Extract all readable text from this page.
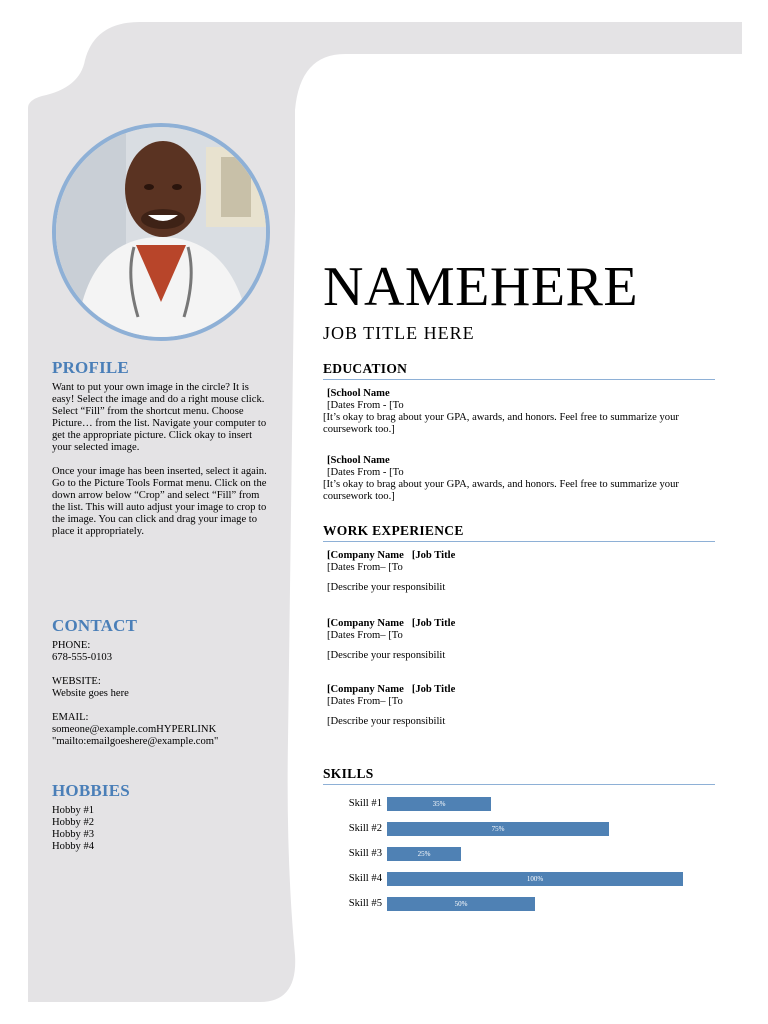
PROFILE

Want to put your own image in the circle? It is easy! Select the image and do a right mouse click. Select “Fill” from the shortcut menu. Choose Picture… from the list. Navigate your computer to get the appropriate picture. Click okay to insert your selected image.

Once your image has been inserted, select it again. Go to the Picture Tools Format menu. Click on the down arrow below “Crop” and select “Fill” from the list. This will auto adjust your image to crop to the image. You can click and drag your image to place it appropriately.

CONTACT

PHONE:

678-555-0103

WEBSITE:

Website goes here

EMAIL:

someone@example.comHYPERLINK

"mailto:emailgoeshere@example.com"

HOBBIES

Hobby #1

Hobby #2

Hobby #3

Hobby #4

NAMEHERE
JOB TITLE HERE
EDUCATION
[School Name
[Dates From - [To

[It’s okay to brag about your GPA, awards, and honors. Feel free to summarize your coursework too.]

[School Name
[Dates From - [To

[It’s okay to brag about your GPA, awards, and honors. Feel free to summarize your coursework too.]

WORK EXPERIENCE
[Company Name [Job Title
[Dates From– [To
[Describe your responsibilit
[Company Name [Job Title
[Dates From– [To
[Describe your responsibilit
[Company Name [Job Title
[Dates From– [To
[Describe your responsibilit
SKILLS
Skill #1	35%
Skill #2	75%
Skill #3	25%
Skill #4	100%
Skill #5	50%
